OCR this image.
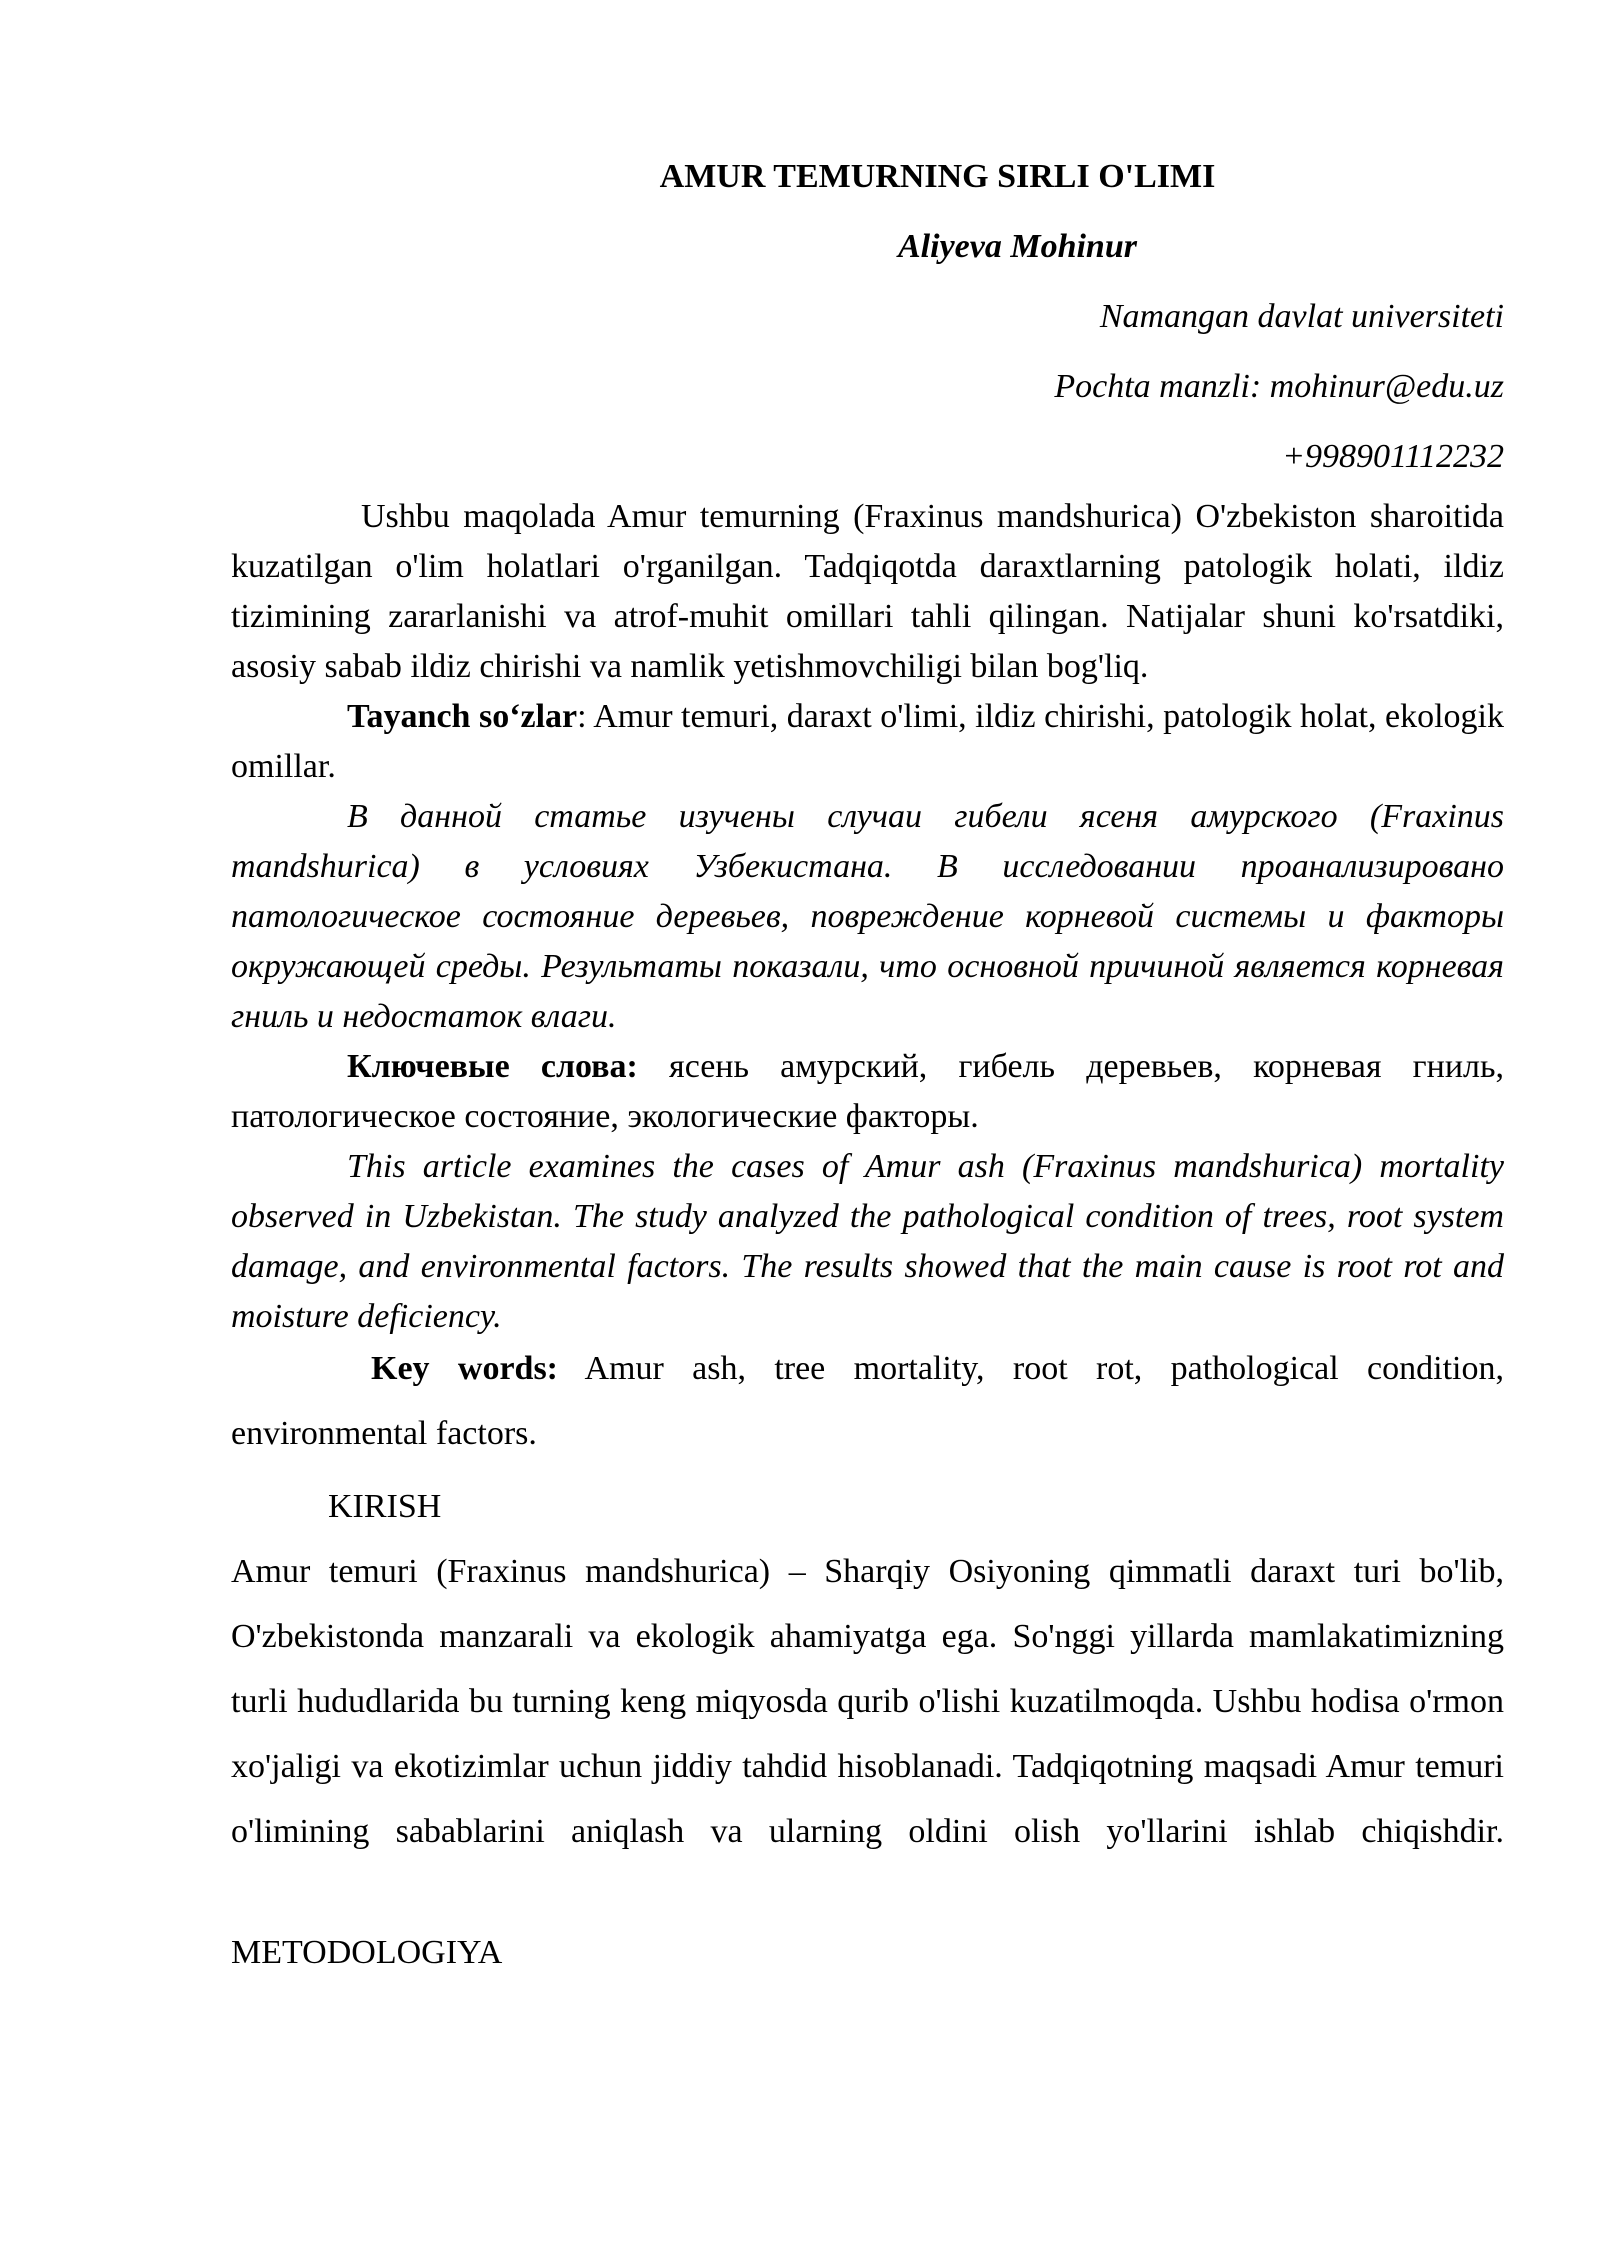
AMUR TEMURNING SIRLI O'LIMI

Aliyeva Mohinur

Namangan davlat universiteti

Pochta manzli: mohinur@edu.uz

+998901112232

Ushbu maqolada Amur temurning (Fraxinus mandshurica) O'zbekiston sharoitida kuzatilgan o'lim holatlari o'rganilgan. Tadqiqotda daraxtlarning patologik holati, ildiz tizimining zararlanishi va atrof-muhit omillari tahli qilingan. Natijalar shuni ko'rsatdiki, asosiy sabab ildiz chirishi va namlik yetishmovchiligi bilan bog'liq.

Tayanch so‘zlar: Amur temuri, daraxt o'limi, ildiz chirishi, patologik holat, ekologik omillar.

В данной статье изучены случаи гибели ясеня амурского (Fraxinus mandshurica) в условиях Узбекистана. В исследовании проанализировано патологическое состояние деревьев, повреждение корневой системы и факторы окружающей среды. Результаты показали, что основной причиной является корневая гниль и недостаток влаги.

Ключевые слова: ясень амурский, гибель деревьев, корневая гниль, патологическое состояние, экологические факторы.

This article examines the cases of Amur ash (Fraxinus mandshurica) mortality observed in Uzbekistan. The study analyzed the pathological condition of trees, root system damage, and environmental factors. The results showed that the main cause is root rot and moisture deficiency.

Key words: Amur ash, tree mortality, root rot, pathological condition, environmental factors.

KIRISH

Amur temuri (Fraxinus mandshurica) – Sharqiy Osiyoning qimmatli daraxt turi bo'lib, O'zbekistonda manzarali va ekologik ahamiyatga ega. So'nggi yillarda mamlakatimizning turli hududlarida bu turning keng miqyosda qurib o'lishi kuzatilmoqda. Ushbu hodisa o'rmon xo'jaligi va ekotizimlar uchun jiddiy tahdid hisoblanadi. Tadqiqotning maqsadi Amur temuri o'limining sabablarini aniqlash va ularning oldini olish yo'llarini ishlab chiqishdir.

METODOLOGIYA
